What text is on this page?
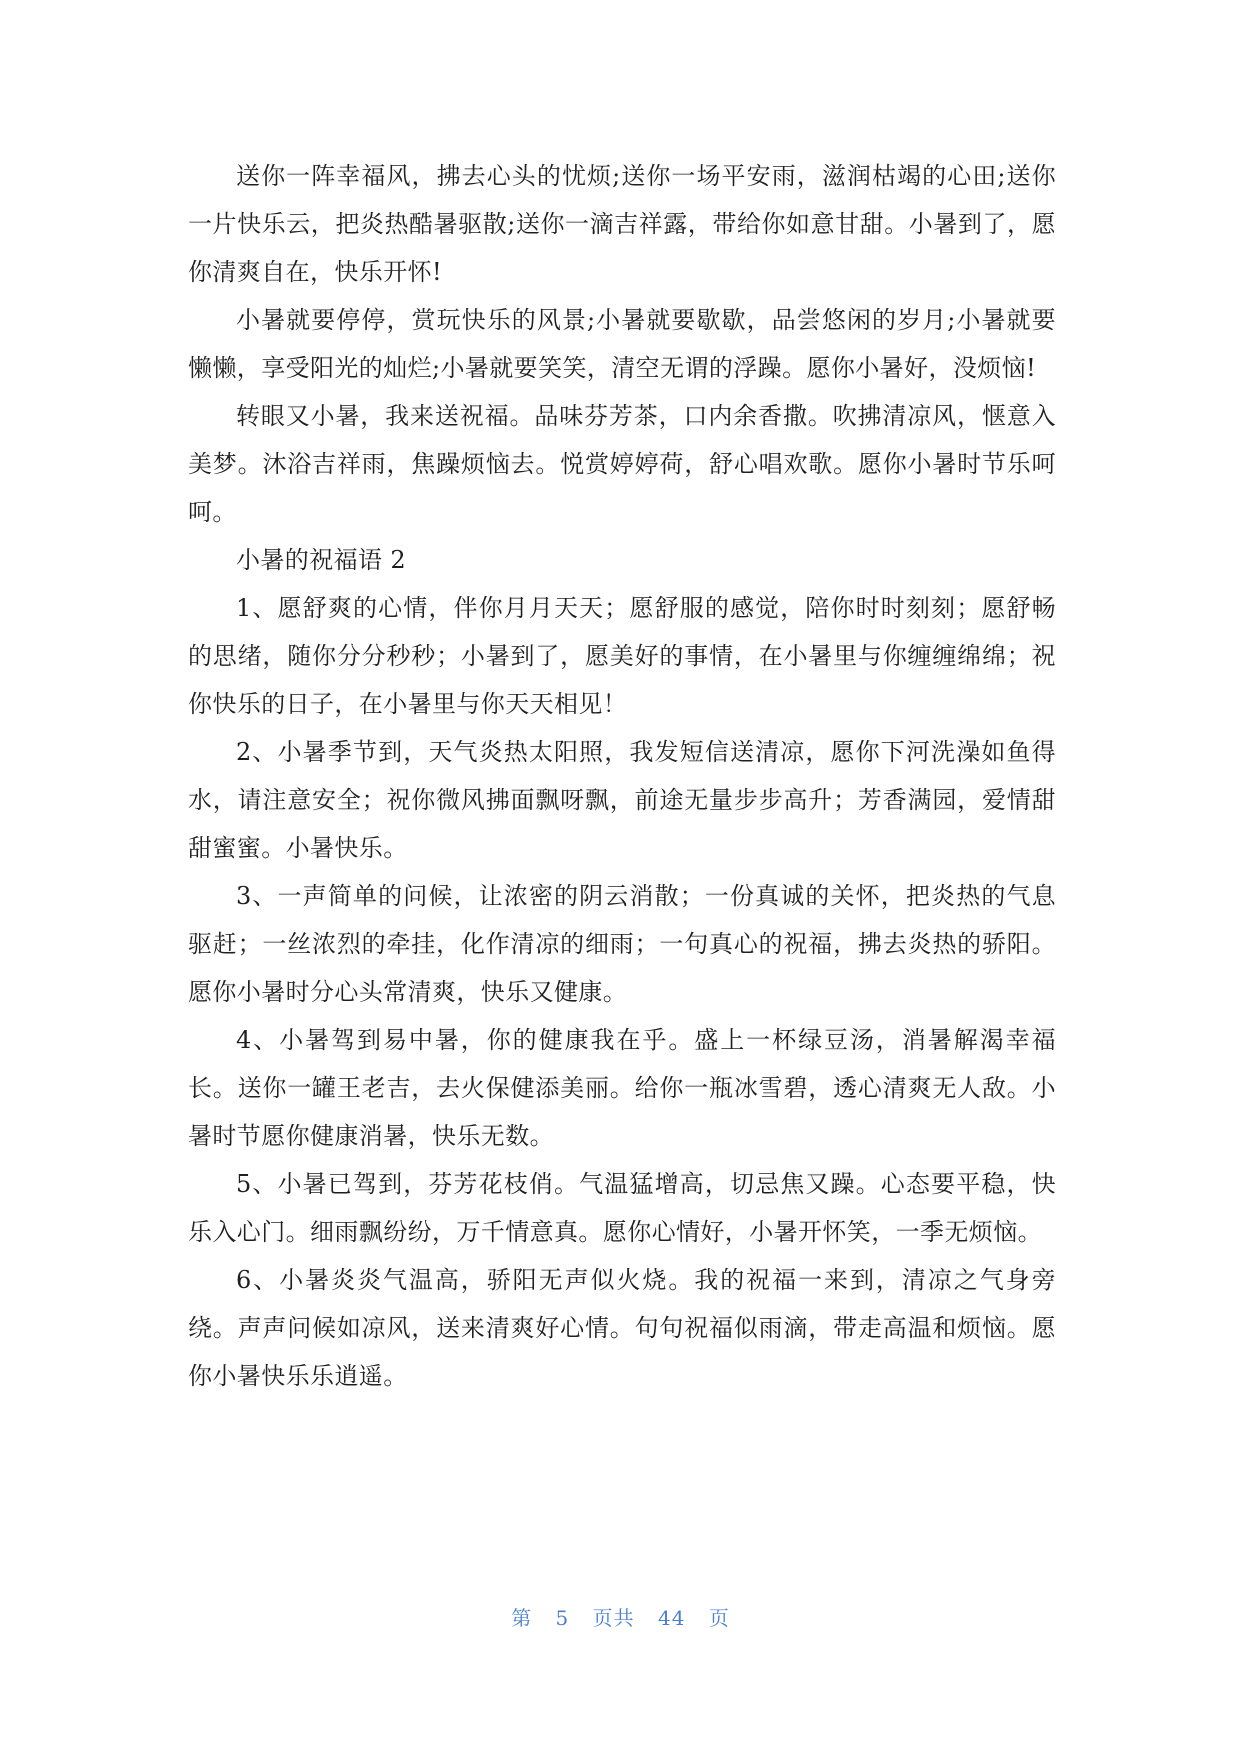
送你一阵幸福风，拂去心头的忧烦;送你一场平安雨，滋润枯竭的心田;送你一片快乐云，把炎热酷暑驱散;送你一滴吉祥露，带给你如意甘甜。小暑到了，愿你清爽自在，快乐开怀!

小暑就要停停，赏玩快乐的风景;小暑就要歇歇，品尝悠闲的岁月;小暑就要懒懒，享受阳光的灿烂;小暑就要笑笑，清空无谓的浮躁。愿你小暑好，没烦恼!

转眼又小暑，我来送祝福。品味芬芳茶，口内余香撒。吹拂清凉风，惬意入美梦。沐浴吉祥雨，焦躁烦恼去。悦赏婷婷荷，舒心唱欢歌。愿你小暑时节乐呵呵。

小暑的祝福语 2

1、愿舒爽的心情，伴你月月天天；愿舒服的感觉，陪你时时刻刻；愿舒畅的思绪，随你分分秒秒；小暑到了，愿美好的事情，在小暑里与你缠缠绵绵；祝你快乐的日子，在小暑里与你天天相见！

2、小暑季节到，天气炎热太阳照，我发短信送清凉，愿你下河洗澡如鱼得水，请注意安全；祝你微风拂面飘呀飘，前途无量步步高升；芳香满园，爱情甜甜蜜蜜。小暑快乐。

3、一声简单的问候，让浓密的阴云消散；一份真诚的关怀，把炎热的气息驱赶；一丝浓烈的牵挂，化作清凉的细雨；一句真心的祝福，拂去炎热的骄阳。愿你小暑时分心头常清爽，快乐又健康。

4、小暑驾到易中暑，你的健康我在乎。盛上一杯绿豆汤，消暑解渴幸福长。送你一罐王老吉，去火保健添美丽。给你一瓶冰雪碧，透心清爽无人敌。小暑时节愿你健康消暑，快乐无数。

5、小暑已驾到，芬芳花枝俏。气温猛增高，切忌焦又躁。心态要平稳，快乐入心门。细雨飘纷纷，万千情意真。愿你心情好，小暑开怀笑，一季无烦恼。

6、小暑炎炎气温高，骄阳无声似火烧。我的祝福一来到，清凉之气身旁绕。声声问候如凉风，送来清爽好心情。句句祝福似雨滴，带走高温和烦恼。愿你小暑快乐乐逍遥。

第 5 页共 44 页
